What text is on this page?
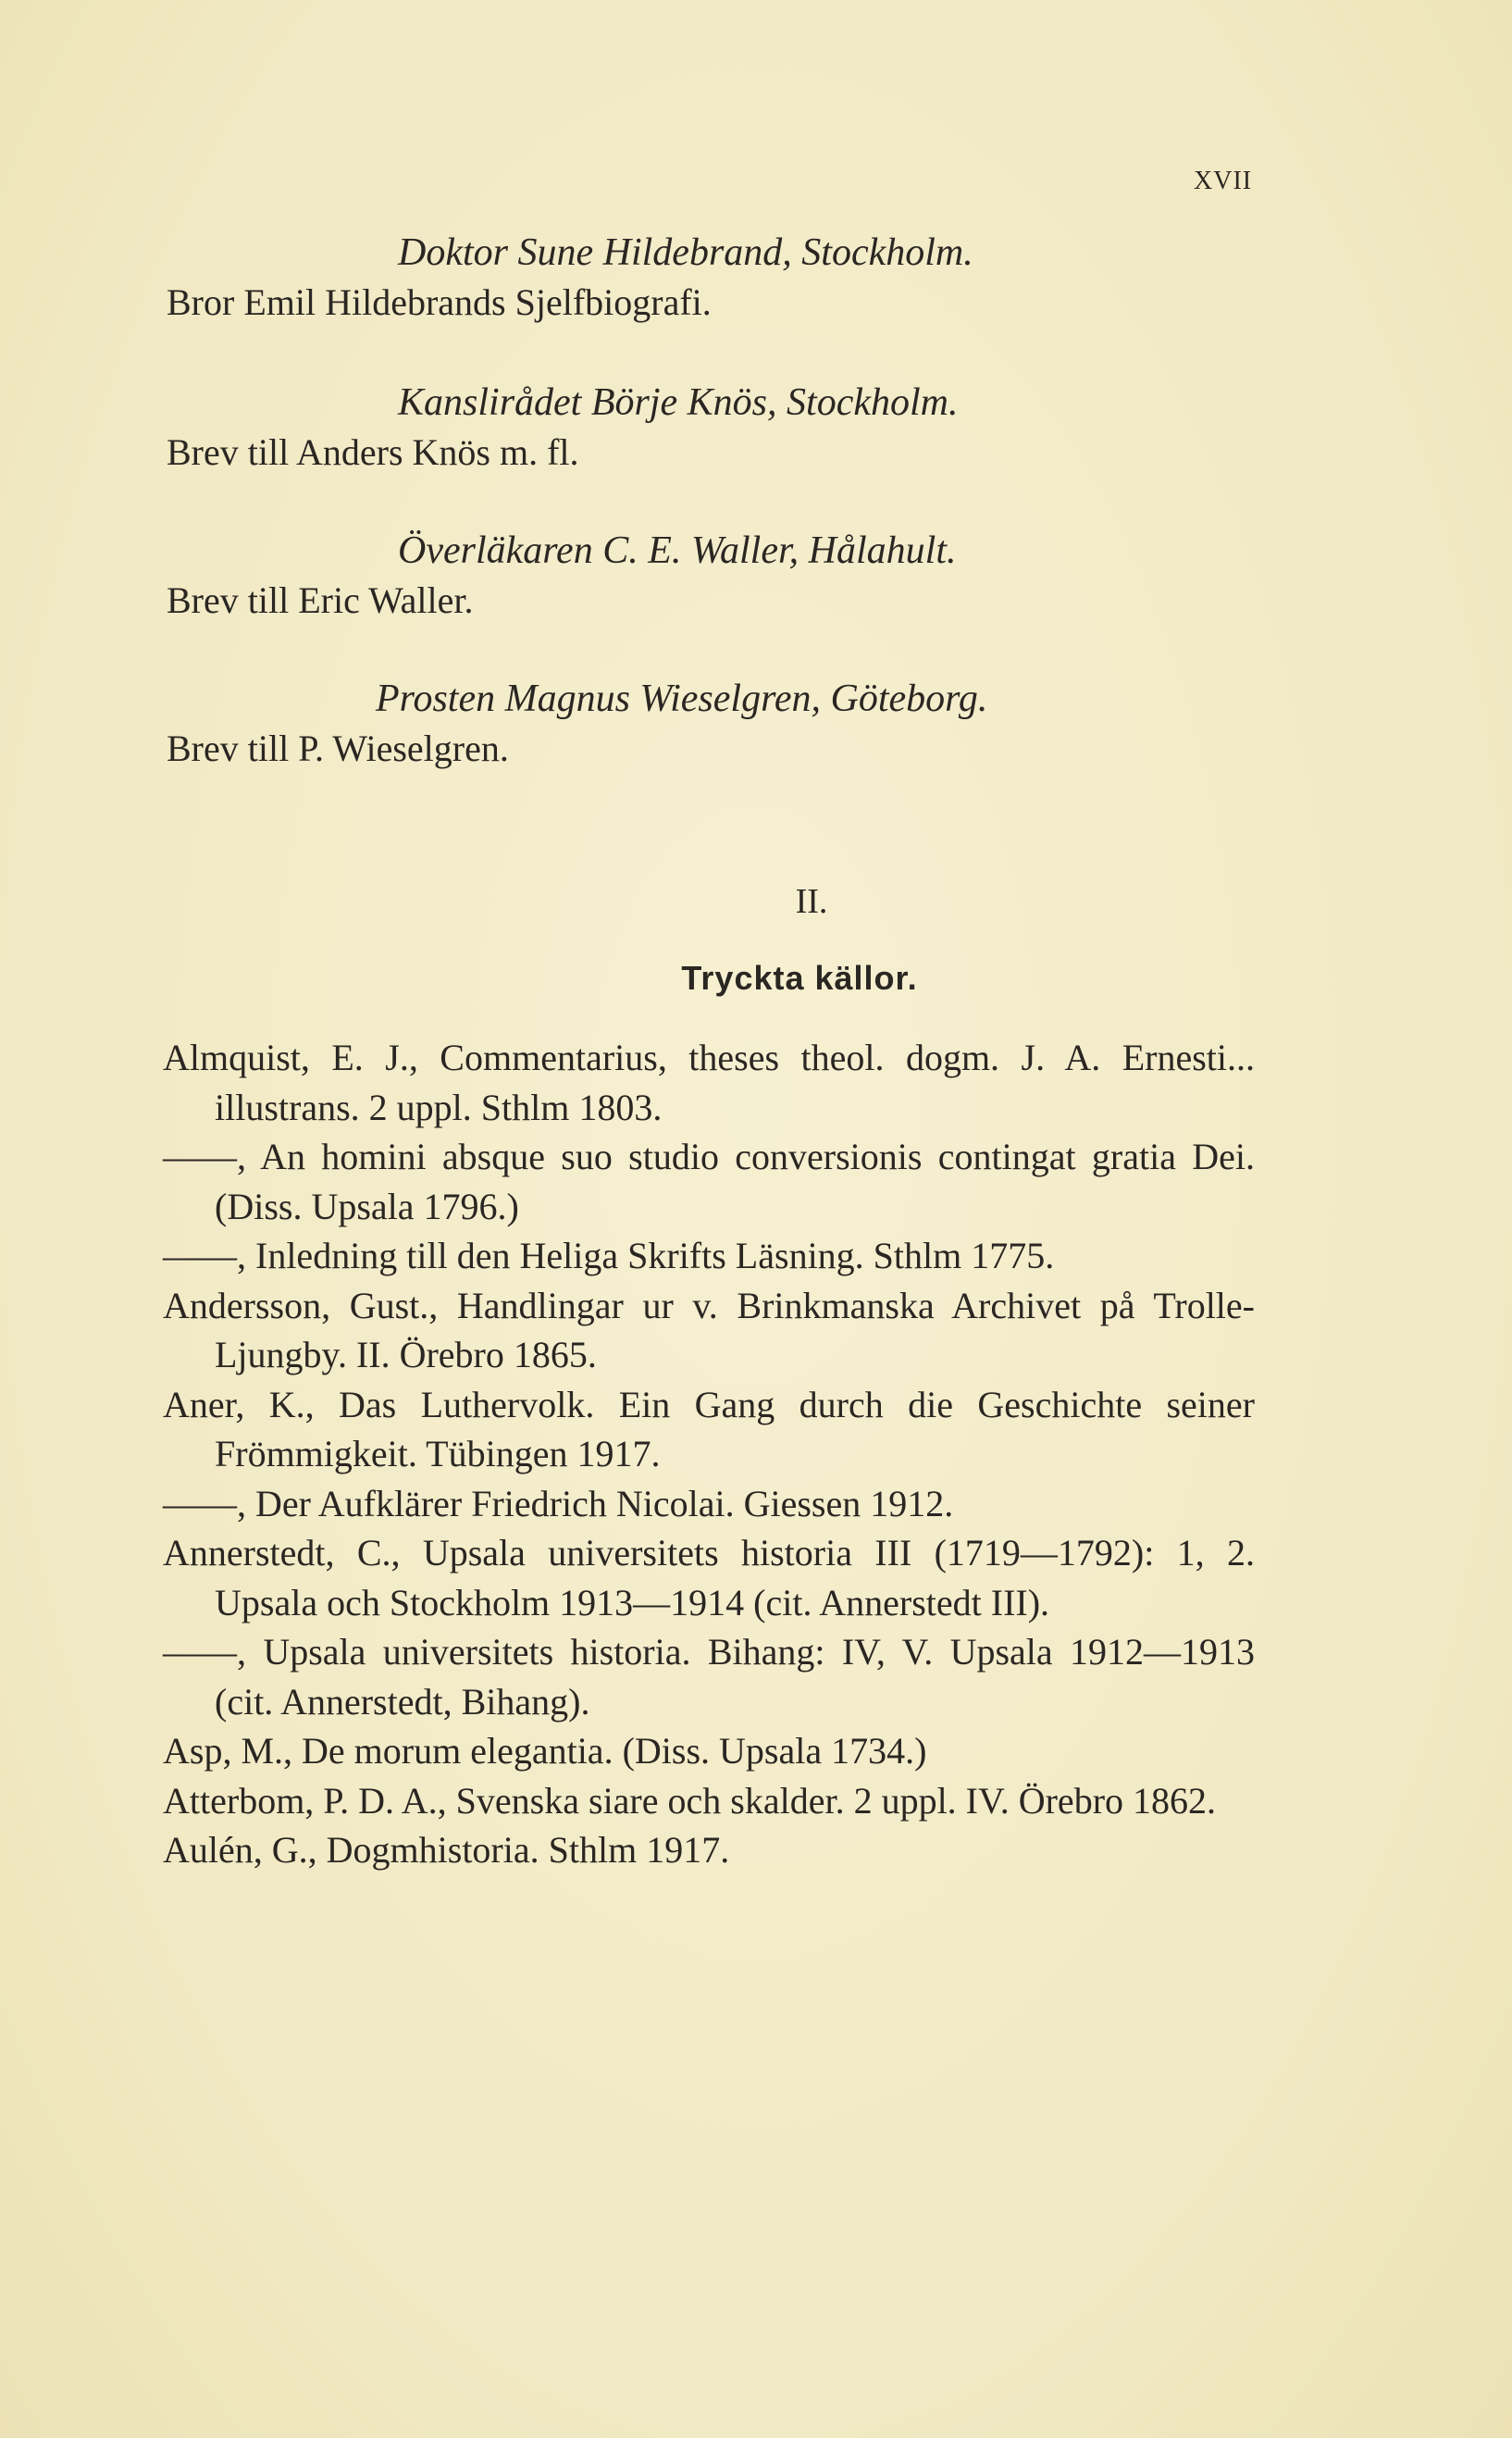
XVII
Doktor Sune Hildebrand, Stockholm.
Bror Emil Hildebrands Sjelfbiografi.
Kanslirådet Börje Knös, Stockholm.
Brev till Anders Knös m. fl.
Överläkaren C. E. Waller, Hålahult.
Brev till Eric Waller.
Prosten Magnus Wieselgren, Göteborg.
Brev till P. Wieselgren.
II.
Tryckta källor.
Almquist, E. J., Commentarius, theses theol. dogm. J. A. Ernesti... illustrans. 2 uppl. Sthlm 1803.
——, An homini absque suo studio conversionis contingat gratia Dei. (Diss. Upsala 1796.)
——, Inledning till den Heliga Skrifts Läsning. Sthlm 1775.
Andersson, Gust., Handlingar ur v. Brinkmanska Archivet på Trolle-Ljungby. II. Örebro 1865.
Aner, K., Das Luthervolk. Ein Gang durch die Geschichte seiner Frömmigkeit. Tübingen 1917.
——, Der Aufklärer Friedrich Nicolai. Giessen 1912.
Annerstedt, C., Upsala universitets historia III (1719—1792): 1, 2. Upsala och Stockholm 1913—1914 (cit. Annerstedt III).
——, Upsala universitets historia. Bihang: IV, V. Upsala 1912—1913 (cit. Annerstedt, Bihang).
Asp, M., De morum elegantia. (Diss. Upsala 1734.)
Atterbom, P. D. A., Svenska siare och skalder. 2 uppl. IV. Örebro 1862.
Aulén, G., Dogmhistoria. Sthlm 1917.
